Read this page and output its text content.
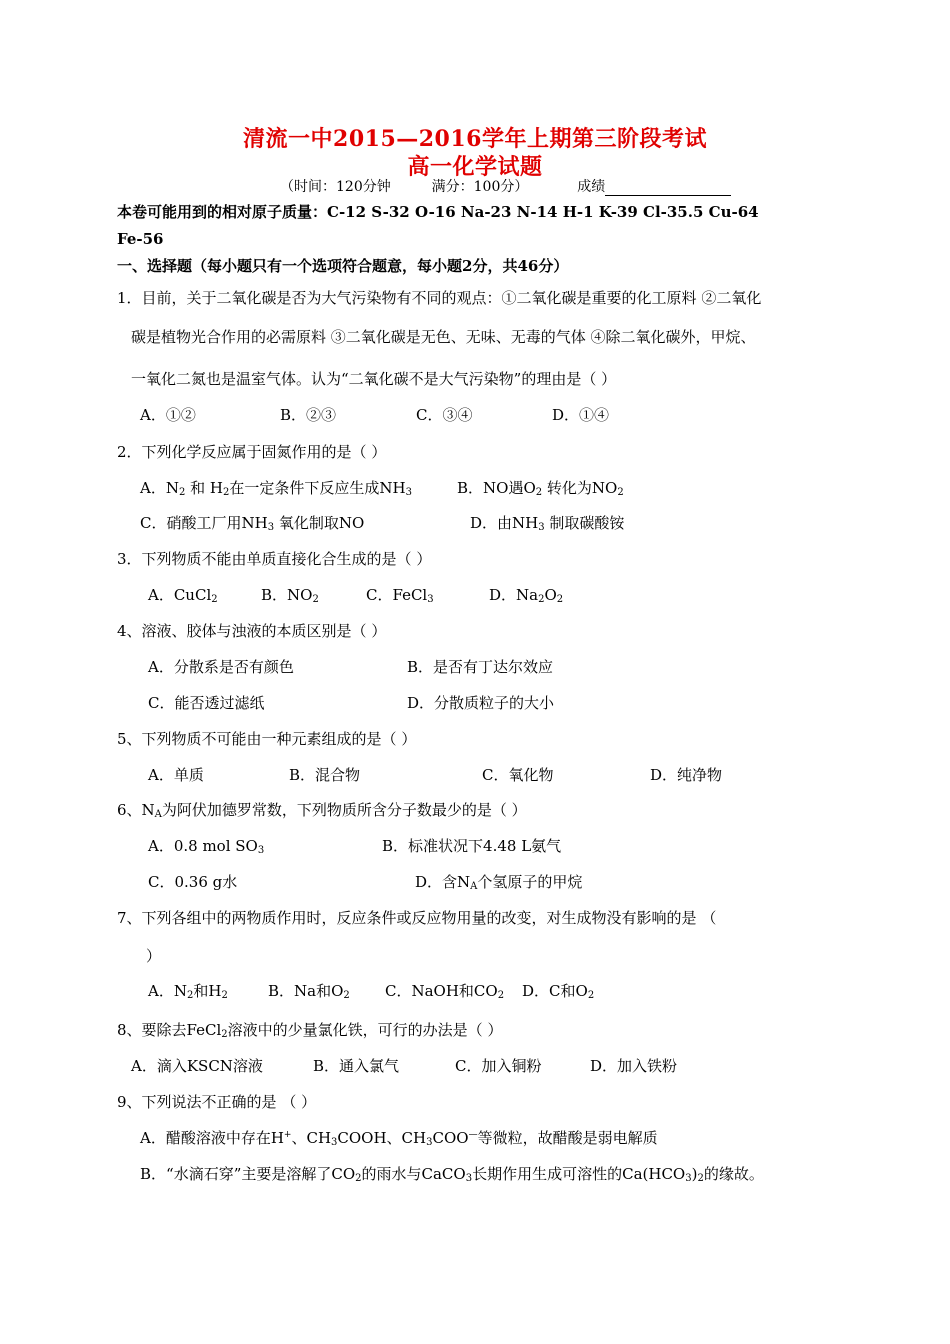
清流一中2015—2016学年上期第三阶段考试
高一化学试题
（时间：120分钟	满分：100分）	成绩
本卷可能用到的相对原子质量：C-12 S-32 O-16 Na-23 N-14 H-1 K-39 Cl-35.5 Cu-64
Fe-56
一、选择题（每小题只有一个选项符合题意，每小题2分，共46分）
1．目前，关于二氧化碳是否为大气污染物有不同的观点：①二氧化碳是重要的化工原料 ②二氧化
碳是植物光合作用的必需原料 ③二氧化碳是无色、无味、无毒的气体 ④除二氧化碳外，甲烷、
一氧化二氮也是温室气体。认为“二氧化碳不是大气污染物”的理由是（ ）
A．①②	B．②③	C．③④	D．①④
2．下列化学反应属于固氮作用的是（ ）
A．$N_2$ 和 $H_2$在一定条件下反应生成$NH_3$	B．NO遇$O_2$ 转化为$NO_2$
C．硝酸工厂用$NH_3$ 氧化制取NO	D．由$NH_3$ 制取碳酸铵
3．下列物质不能由单质直接化合生成的是（ ）
A．CuCl$_2$	B．$NO_2$	C．FeCl$_3$	D．$Na_2O_2$
4、溶液、胶体与浊液的本质区别是（ ）
A．分散系是否有颜色	B．是否有丁达尔效应
C．能否透过滤纸	D．分散质粒子的大小
5、下列物质不可能由一种元素组成的是（ ）
A．单质	B．混合物	C．氧化物	D．纯净物
6、$N_A$为阿伏加德罗常数，下列物质所含分子数最少的是（ ）
A．0.8 mol $SO_3$	B．标准状况下4.48 L氨气
C．0.36 g水	D．含$N_A$个氢原子的甲烷
7、下列各组中的两物质作用时，反应条件或反应物用量的改变，对生成物没有影响的是 （
）
A．$N_2$和$H_2$	B．Na和$O_2$ C．NaOH和$CO_2$ D．C和$O_2$
8、要除去FeCl$_2$溶液中的少量氯化铁，可行的办法是（ ）
A．滴入KSCN溶液	B．通入氯气	C．加入铜粉	D．加入铁粉
9、下列说法不正确的是 （ ）
A．醋酸溶液中存在H+、$CH_3COOH$、$CH_3COO^—$等微粒，故醋酸是弱电解质
B．“水滴石穿”主要是溶解了$CO_2$的雨水与CaCO$_3$长期作用生成可溶性的$Ca(HCO_3)_2$的缘故。
